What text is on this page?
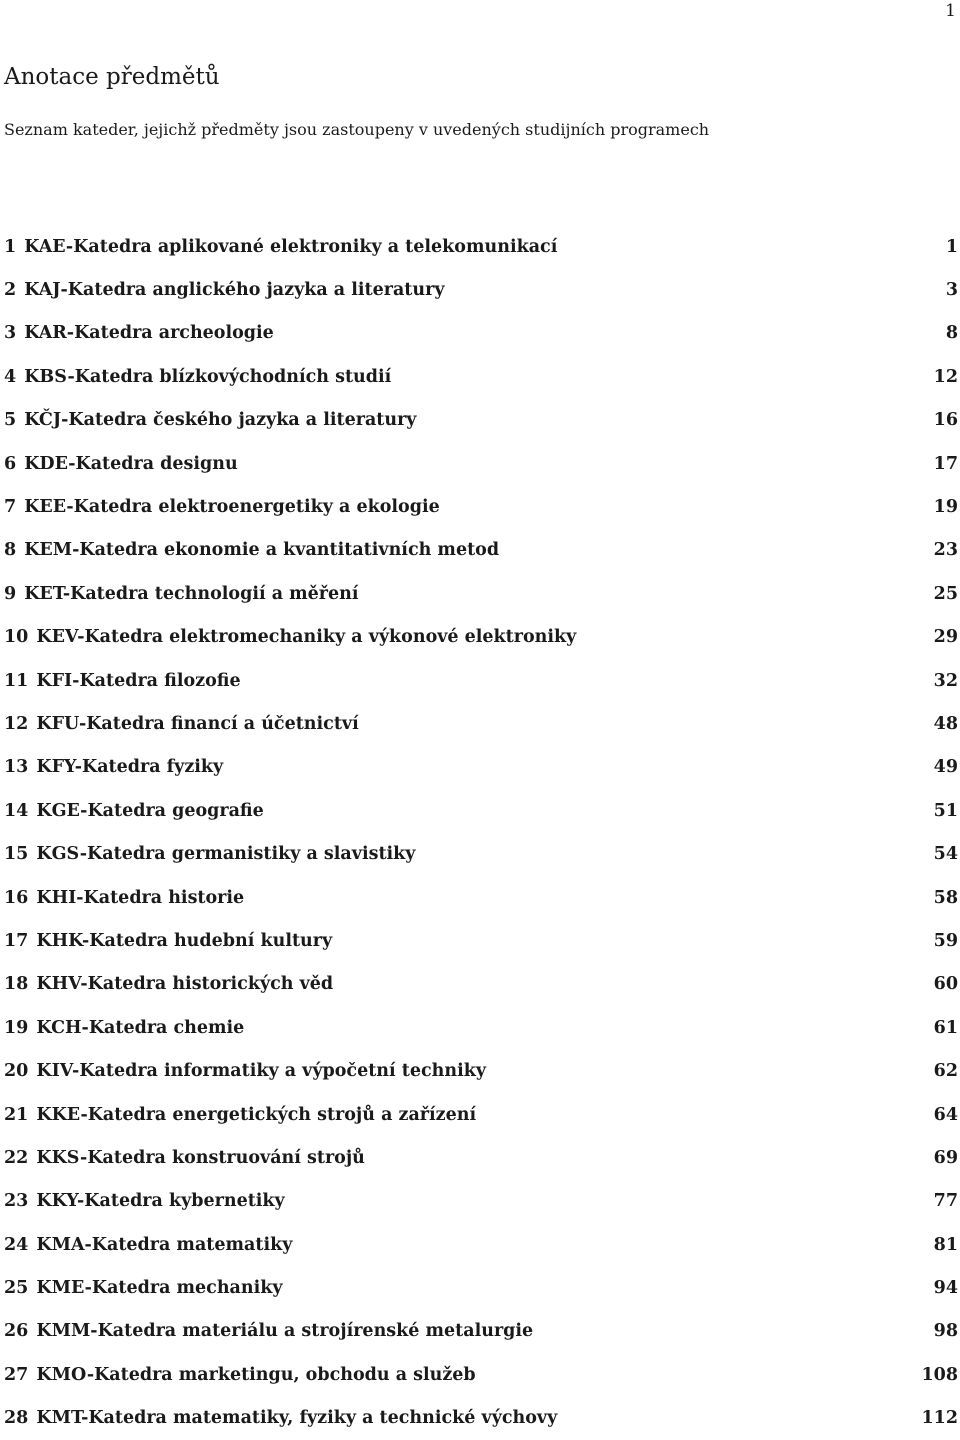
1
Anotace předmětů

Seznam kateder, jejichž předměty jsou zastoupeny v uvedených studijních programech

1 KAE-Katedra aplikované elektroniky a telekomunikací	1
2 KAJ-Katedra anglického jazyka a literatury	3
3 KAR-Katedra archeologie	8
4 KBS-Katedra blízkovýchodních studií	12
5 KČJ-Katedra českého jazyka a literatury	16
6 KDE-Katedra designu	17
7 KEE-Katedra elektroenergetiky a ekologie	19
8 KEM-Katedra ekonomie a kvantitativních metod	23
9 KET-Katedra technologií a měření	25
10 KEV-Katedra elektromechaniky a výkonové elektroniky	29
11 KFI-Katedra filozofie	32
12 KFU-Katedra financí a účetnictví	48
13 KFY-Katedra fyziky	49
14 KGE-Katedra geografie	51
15 KGS-Katedra germanistiky a slavistiky	54
16 KHI-Katedra historie	58
17 KHK-Katedra hudební kultury	59
18 KHV-Katedra historických věd	60
19 KCH-Katedra chemie	61
20 KIV-Katedra informatiky a výpočetní techniky	62
21 KKE-Katedra energetických strojů a zařízení	64
22 KKS-Katedra konstruování strojů	69
23 KKY-Katedra kybernetiky	77
24 KMA-Katedra matematiky	81
25 KME-Katedra mechaniky	94
26 KMM-Katedra materiálu a strojírenské metalurgie	98
27 KMO-Katedra marketingu, obchodu a služeb	108
28 KMT-Katedra matematiky, fyziky a technické výchovy	112
